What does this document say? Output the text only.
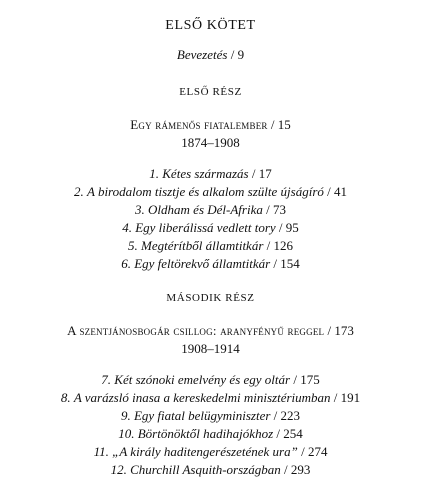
ELSŐ KÖTET
Bevezetés / 9
ELSŐ RÉSZ
Egy rámenős fiatalember / 15
1874–1908
1. Kétes származás / 17
2. A birodalom tisztje és alkalom szülte újságíró / 41
3. Oldham és Dél-Afrika / 73
4. Egy liberálissá vedlett tory / 95
5. Megtérítből államtitkár / 126
6. Egy feltörekvő államtitkár / 154
MÁSODIK RÉSZ
A szentjánosbogár csillog: aranyfényű reggel / 173
1908–1914
7. Két szónoki emelvény és egy oltár / 175
8. A varázsló inasa a kereskedelmi minisztériumban / 191
9. Egy fiatal belügyminiszter / 223
10. Börtönöktől hadihajókhoz / 254
11. „A király haditengerészetének ura” / 274
12. Churchill Asquith-országban / 293
